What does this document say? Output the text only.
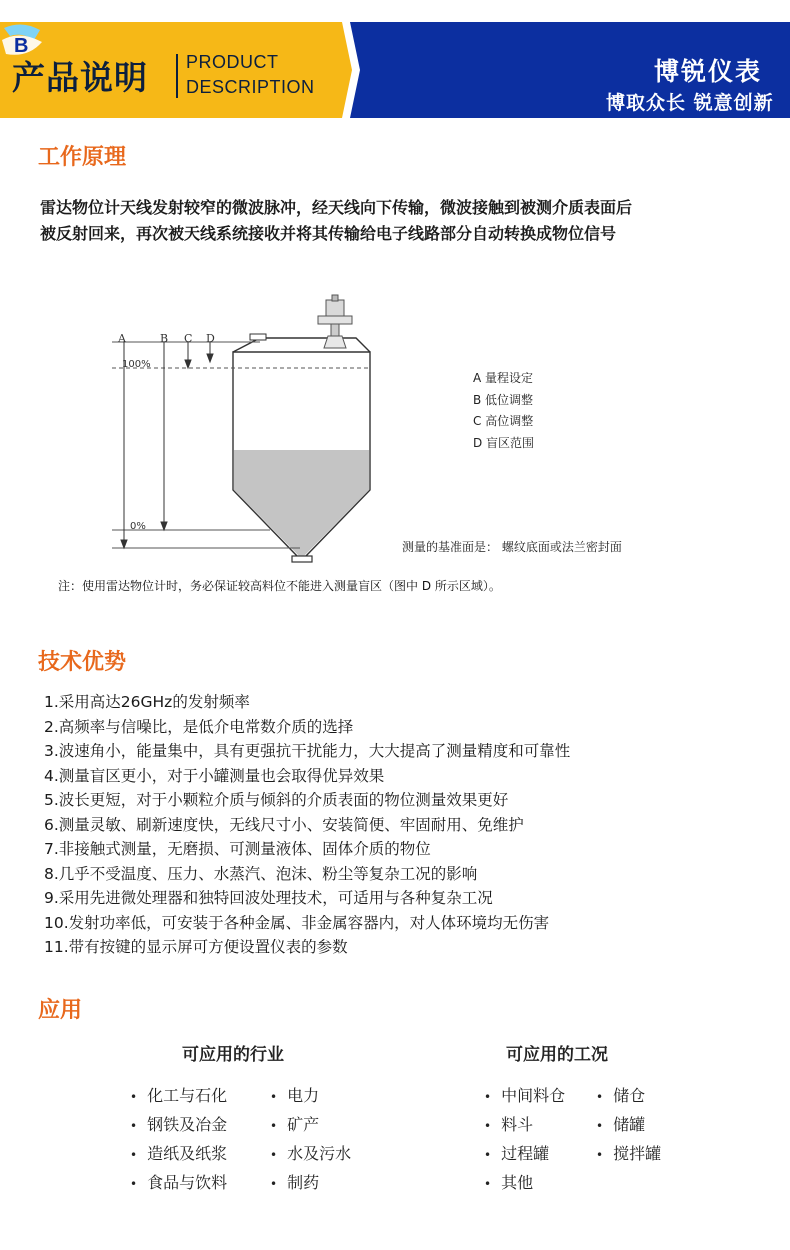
产品说明 PRODUCT
DESCRIPTION
B
博锐仪表
博取众长 锐意创新
工作原理
雷达物位计天线发射较窄的微波脉冲，经天线向下传输，微波接触到被测介质表面后
被反射回来，再次被天线系统接收并将其传输给电子线路部分自动转换成物位信号
A	B C D
100%
0%
A 量程设定
B 低位调整
C 高位调整
D 盲区范围
测量的基准面是： 螺纹底面或法兰密封面
注：使用雷达物位计时，务必保证较高料位不能进入测量盲区（图中 D 所示区域）。
技术优势
1.采用高达26GHz的发射频率
2.高频率与信噪比，是低介电常数介质的选择
3.波速角小，能量集中，具有更强抗干扰能力，大大提高了测量精度和可靠性
4.测量盲区更小，对于小罐测量也会取得优异效果
5.波长更短，对于小颗粒介质与倾斜的介质表面的物位测量效果更好
6.测量灵敏、刷新速度快，无线尺寸小、安装简便、牢固耐用、免维护
7.非接触式测量，无磨损、可测量液体、固体介质的物位
8.几乎不受温度、压力、水蒸汽、泡沫、粉尘等复杂工况的影响
9.采用先进微处理器和独特回波处理技术，可适用与各种复杂工况
10.发射功率低，可安装于各种金属、非金属容器内，对人体环境均无伤害
11.带有按键的显示屏可方便设置仪表的参数
应用
可应用的行业
• 化工与石化
• 钢铁及冶金
• 造纸及纸浆
• 食品与饮料
• 电力
• 矿产
• 水及污水
• 制药
可应用的工况
• 中间料仓
• 料斗
• 过程罐
• 其他
• 储仓
• 储罐
• 搅拌罐
